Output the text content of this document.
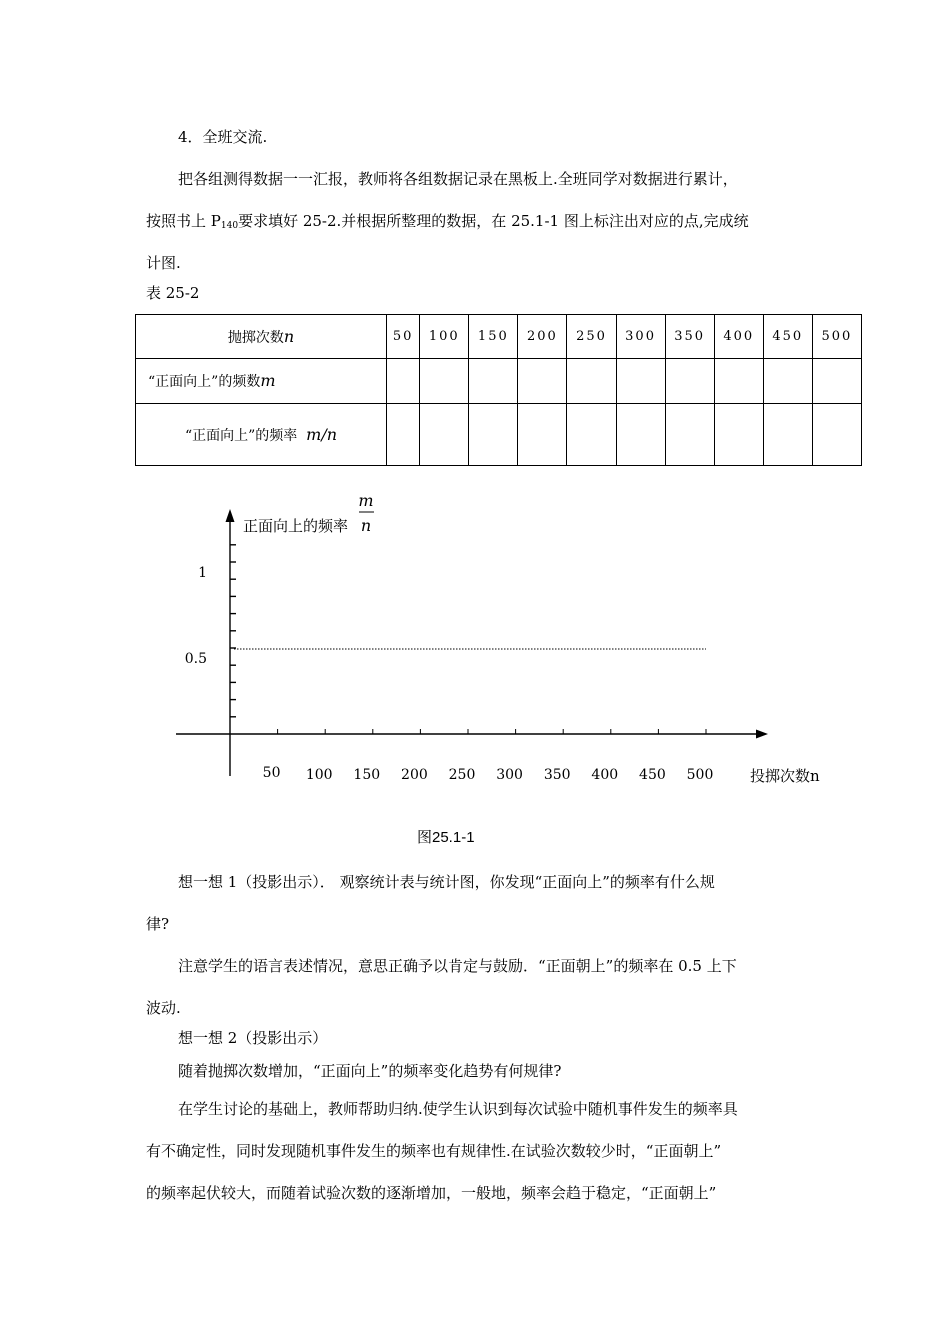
4．全班交流.
把各组测得数据一一汇报，教师将各组数据记录在黑板上.全班同学对数据进行累计，
按照书上 $P_{140}$要求填好 25-2.并根据所整理的数据，在 25.1-1 图上标注出对应的点,完成统
计图.
表 25-2
抛掷次数n	50	100	150	200	250	300	350	400	450	500
“正面向上”的频数m										
“正面向上”的频率 m/n										
1
0.5
50 100 150 200 250 300 350 400 450 500
正面向上的频率
m
n
投掷次数n
图25.1-1
想一想 1（投影出示）． 观察统计表与统计图，你发现“正面向上”的频率有什么规
律?
注意学生的语言表述情况，意思正确予以肯定与鼓励．“正面朝上”的频率在 0.5 上下
波动.
想一想 2（投影出示）
随着抛掷次数增加，“正面向上”的频率变化趋势有何规律?
在学生讨论的基础上，教师帮助归纳.使学生认识到每次试验中随机事件发生的频率具
有不确定性，同时发现随机事件发生的频率也有规律性.在试验次数较少时，“正面朝上”
的频率起伏较大，而随着试验次数的逐渐增加，一般地，频率会趋于稳定，“正面朝上”
